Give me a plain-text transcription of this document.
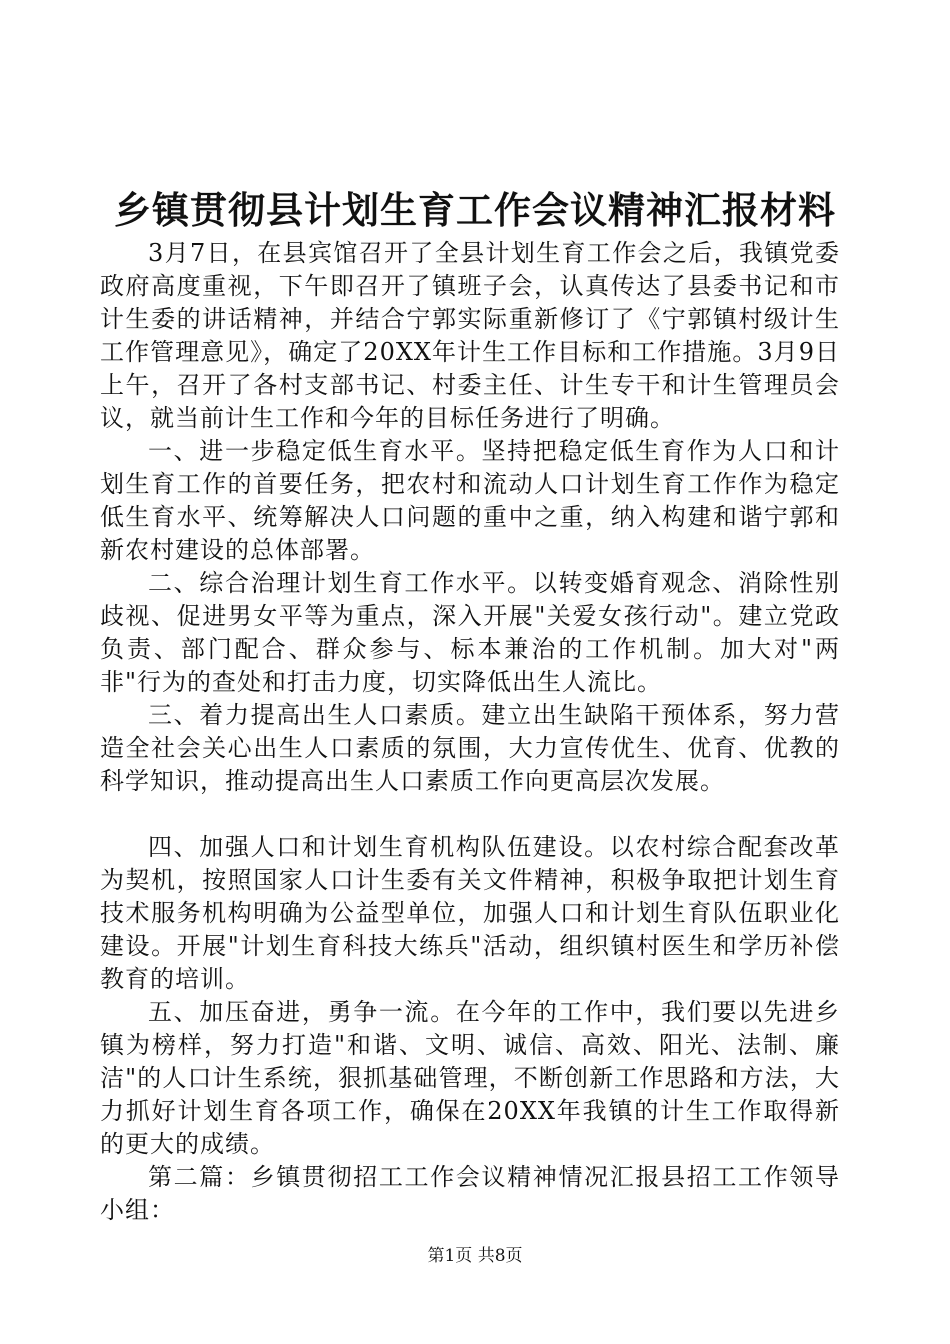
乡镇贯彻县计划生育工作会议精神汇报材料

3月7日，在县宾馆召开了全县计划生育工作会之后，我镇党委政府高度重视，下午即召开了镇班子会，认真传达了县委书记和市计生委的讲话精神，并结合宁郭实际重新修订了《宁郭镇村级计生工作管理意见》，确定了20XX年计生工作目标和工作措施。3月9日上午，召开了各村支部书记、村委主任、计生专干和计生管理员会议，就当前计生工作和今年的目标任务进行了明确。

一、进一步稳定低生育水平。坚持把稳定低生育作为人口和计划生育工作的首要任务，把农村和流动人口计划生育工作作为稳定低生育水平、统筹解决人口问题的重中之重，纳入构建和谐宁郭和新农村建设的总体部署。

二、综合治理计划生育工作水平。以转变婚育观念、消除性别歧视、促进男女平等为重点，深入开展"关爱女孩行动"。建立党政负责、部门配合、群众参与、标本兼治的工作机制。加大对"两非"行为的查处和打击力度，切实降低出生人流比。

三、着力提高出生人口素质。建立出生缺陷干预体系，努力营造全社会关心出生人口素质的氛围，大力宣传优生、优育、优教的科学知识，推动提高出生人口素质工作向更高层次发展。

四、加强人口和计划生育机构队伍建设。以农村综合配套改革为契机，按照国家人口计生委有关文件精神，积极争取把计划生育技术服务机构明确为公益型单位，加强人口和计划生育队伍职业化建设。开展"计划生育科技大练兵"活动，组织镇村医生和学历补偿教育的培训。

五、加压奋进，勇争一流。在今年的工作中，我们要以先进乡镇为榜样，努力打造"和谐、文明、诚信、高效、阳光、法制、廉洁"的人口计生系统，狠抓基础管理，不断创新工作思路和方法，大力抓好计划生育各项工作，确保在20XX年我镇的计生工作取得新的更大的成绩。

第二篇：乡镇贯彻招工工作会议精神情况汇报县招工工作领导小组：

第1页 共8页
